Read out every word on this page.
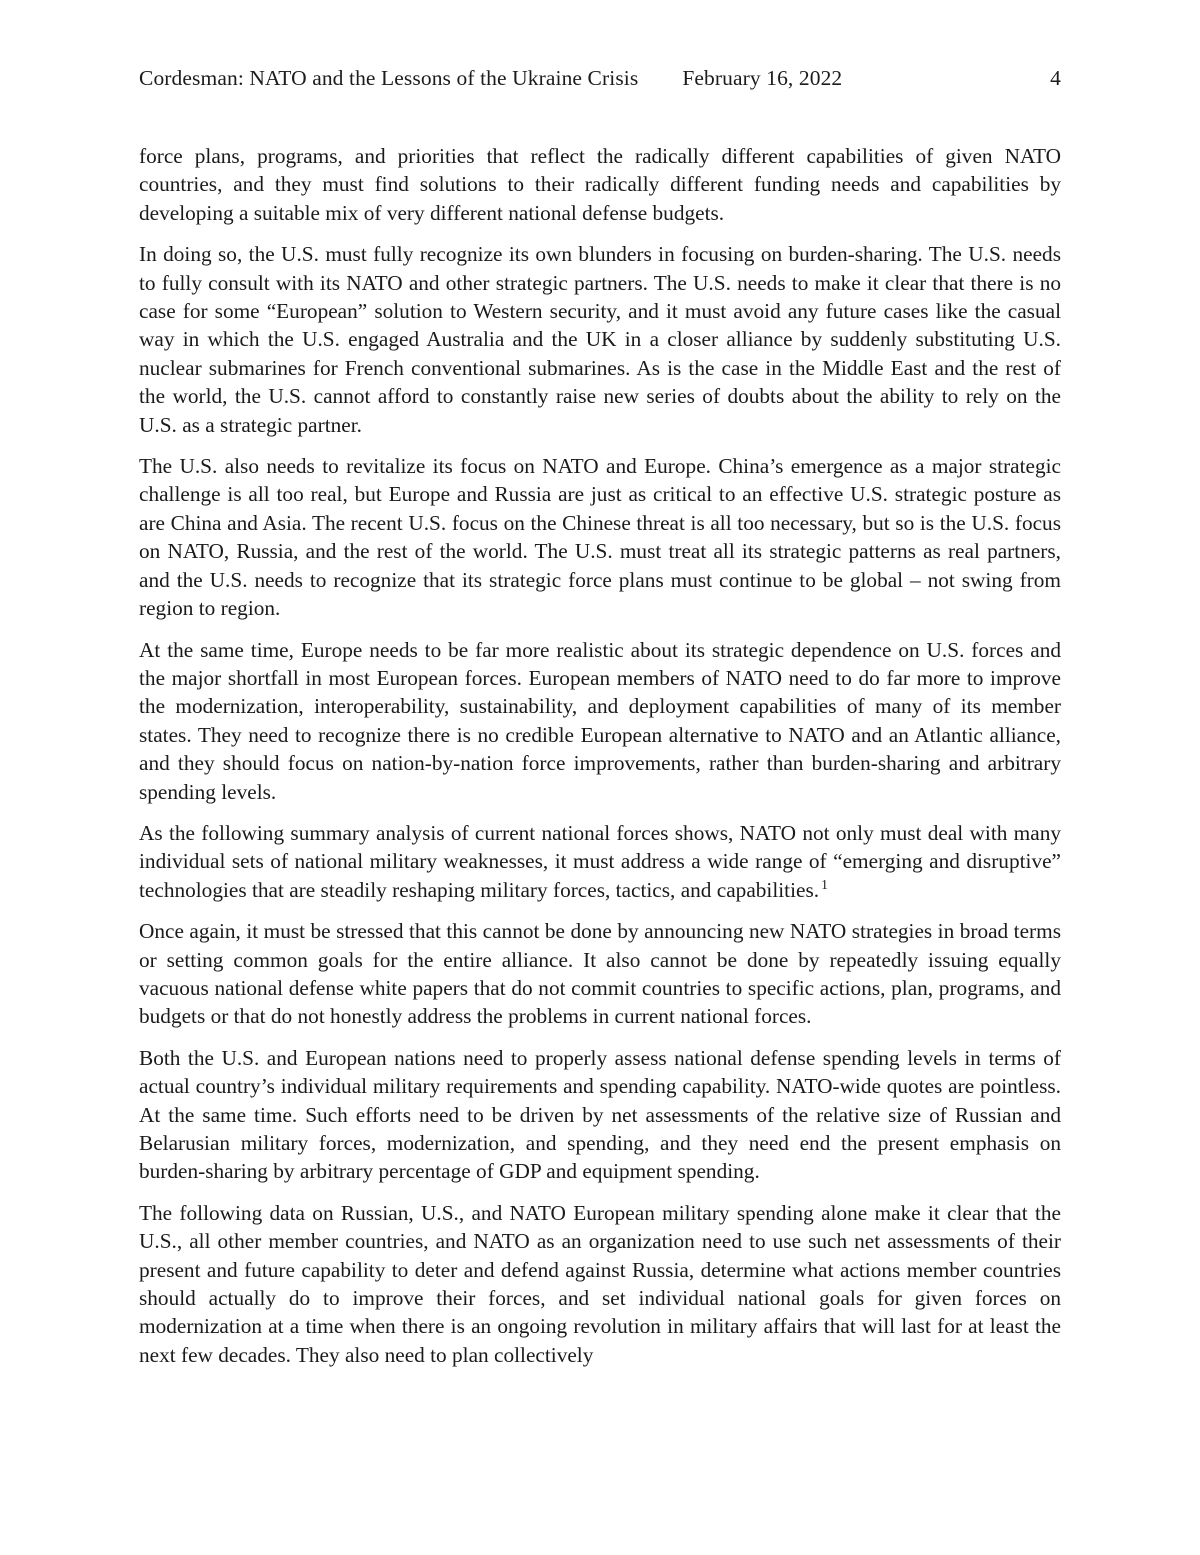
Cordesman: NATO and the Lessons of the Ukraine Crisis February 16, 2022	4

force plans, programs, and priorities that reflect the radically different capabilities of given NATO countries, and they must find solutions to their radically different funding needs and capabilities by developing a suitable mix of very different national defense budgets.

In doing so, the U.S. must fully recognize its own blunders in focusing on burden-sharing. The U.S. needs to fully consult with its NATO and other strategic partners. The U.S. needs to make it clear that there is no case for some “European” solution to Western security, and it must avoid any future cases like the casual way in which the U.S. engaged Australia and the UK in a closer alliance by suddenly substituting U.S. nuclear submarines for French conventional submarines. As is the case in the Middle East and the rest of the world, the U.S. cannot afford to constantly raise new series of doubts about the ability to rely on the U.S. as a strategic partner.

The U.S. also needs to revitalize its focus on NATO and Europe. China’s emergence as a major strategic challenge is all too real, but Europe and Russia are just as critical to an effective U.S. strategic posture as are China and Asia. The recent U.S. focus on the Chinese threat is all too necessary, but so is the U.S. focus on NATO, Russia, and the rest of the world. The U.S. must treat all its strategic patterns as real partners, and the U.S. needs to recognize that its strategic force plans must continue to be global – not swing from region to region.

At the same time, Europe needs to be far more realistic about its strategic dependence on U.S. forces and the major shortfall in most European forces. European members of NATO need to do far more to improve the modernization, interoperability, sustainability, and deployment capabilities of many of its member states. They need to recognize there is no credible European alternative to NATO and an Atlantic alliance, and they should focus on nation-by-nation force improvements, rather than burden-sharing and arbitrary spending levels.

As the following summary analysis of current national forces shows, NATO not only must deal with many individual sets of national military weaknesses, it must address a wide range of “emerging and disruptive” technologies that are steadily reshaping military forces, tactics, and capabilities. $^1$

Once again, it must be stressed that this cannot be done by announcing new NATO strategies in broad terms or setting common goals for the entire alliance. It also cannot be done by repeatedly issuing equally vacuous national defense white papers that do not commit countries to specific actions, plan, programs, and budgets or that do not honestly address the problems in current national forces.

Both the U.S. and European nations need to properly assess national defense spending levels in terms of actual country’s individual military requirements and spending capability. NATO-wide quotes are pointless. At the same time. Such efforts need to be driven by net assessments of the relative size of Russian and Belarusian military forces, modernization, and spending, and they need end the present emphasis on burden-sharing by arbitrary percentage of GDP and equipment spending.

The following data on Russian, U.S., and NATO European military spending alone make it clear that the U.S., all other member countries, and NATO as an organization need to use such net assessments of their present and future capability to deter and defend against Russia, determine what actions member countries should actually do to improve their forces, and set individual national goals for given forces on modernization at a time when there is an ongoing revolution in military affairs that will last for at least the next few decades. They also need to plan collectively
